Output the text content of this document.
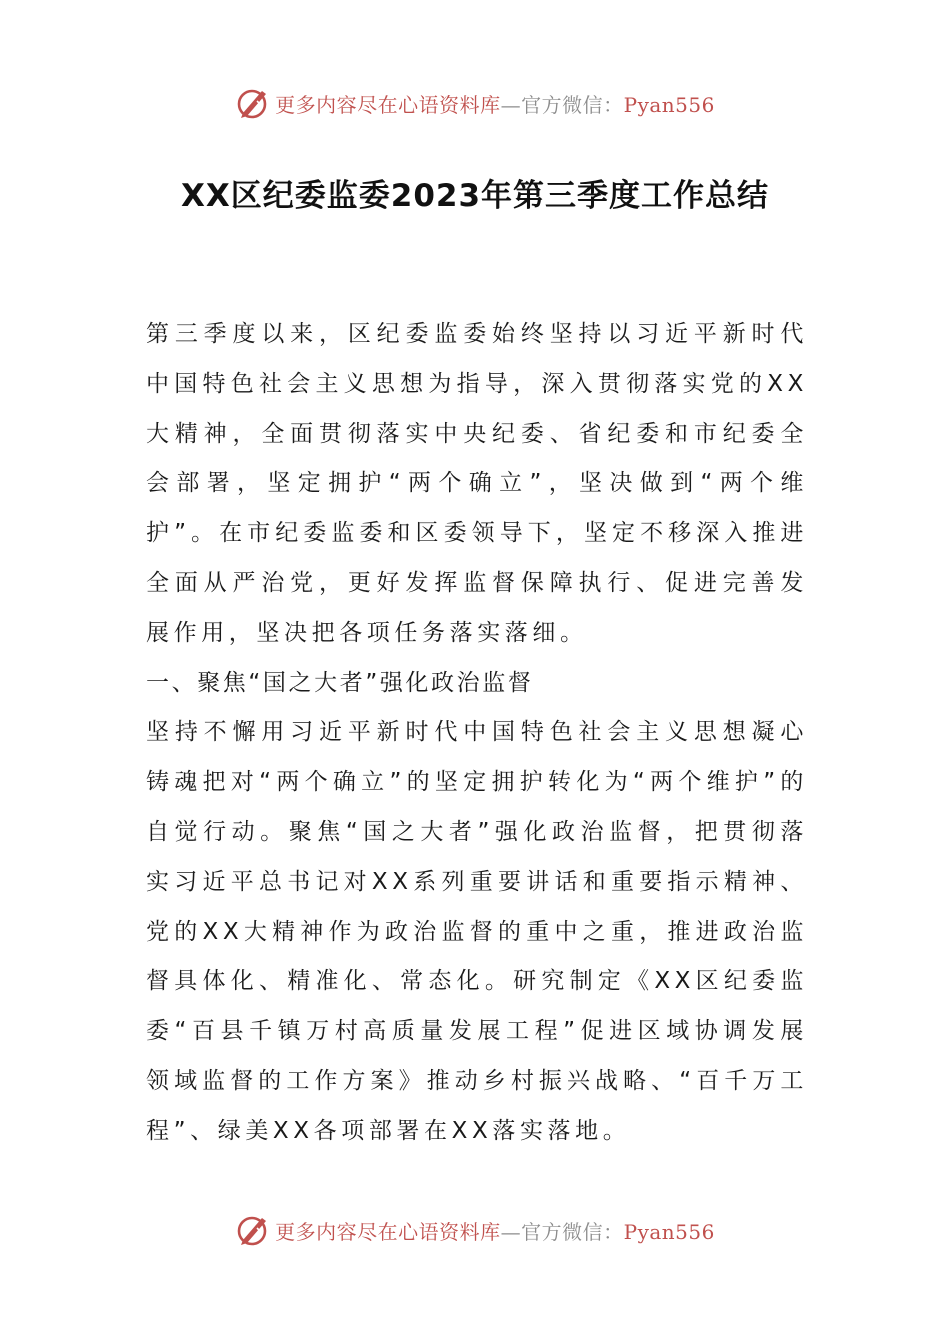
更多内容尽在心语资料库—官方微信：Pyan556
XX区纪委监委2023年第三季度工作总结

第三季度以来，区纪委监委始终坚持以习近平新时代中国特色社会主义思想为指导，深入贯彻落实党的XX大精神，全面贯彻落实中央纪委、省纪委和市纪委全会部署，坚定拥护“两个确立”，坚决做到“两个维护”。在市纪委监委和区委领导下，坚定不移深入推进全面从严治党，更好发挥监督保障执行、促进完善发展作用，坚决把各项任务落实落细。

一、聚焦“国之大者”强化政治监督

坚持不懈用习近平新时代中国特色社会主义思想凝心铸魂把对“两个确立”的坚定拥护转化为“两个维护”的自觉行动。聚焦“国之大者”强化政治监督，把贯彻落实习近平总书记对XX系列重要讲话和重要指示精神、党的XX大精神作为政治监督的重中之重，推进政治监督具体化、精准化、常态化。研究制定《XX区纪委监委“百县千镇万村高质量发展工程”促进区域协调发展领域监督的工作方案》推动乡村振兴战略、“百千万工程”、绿美XX各项部署在XX落实落地。

更多内容尽在心语资料库—官方微信：Pyan556
